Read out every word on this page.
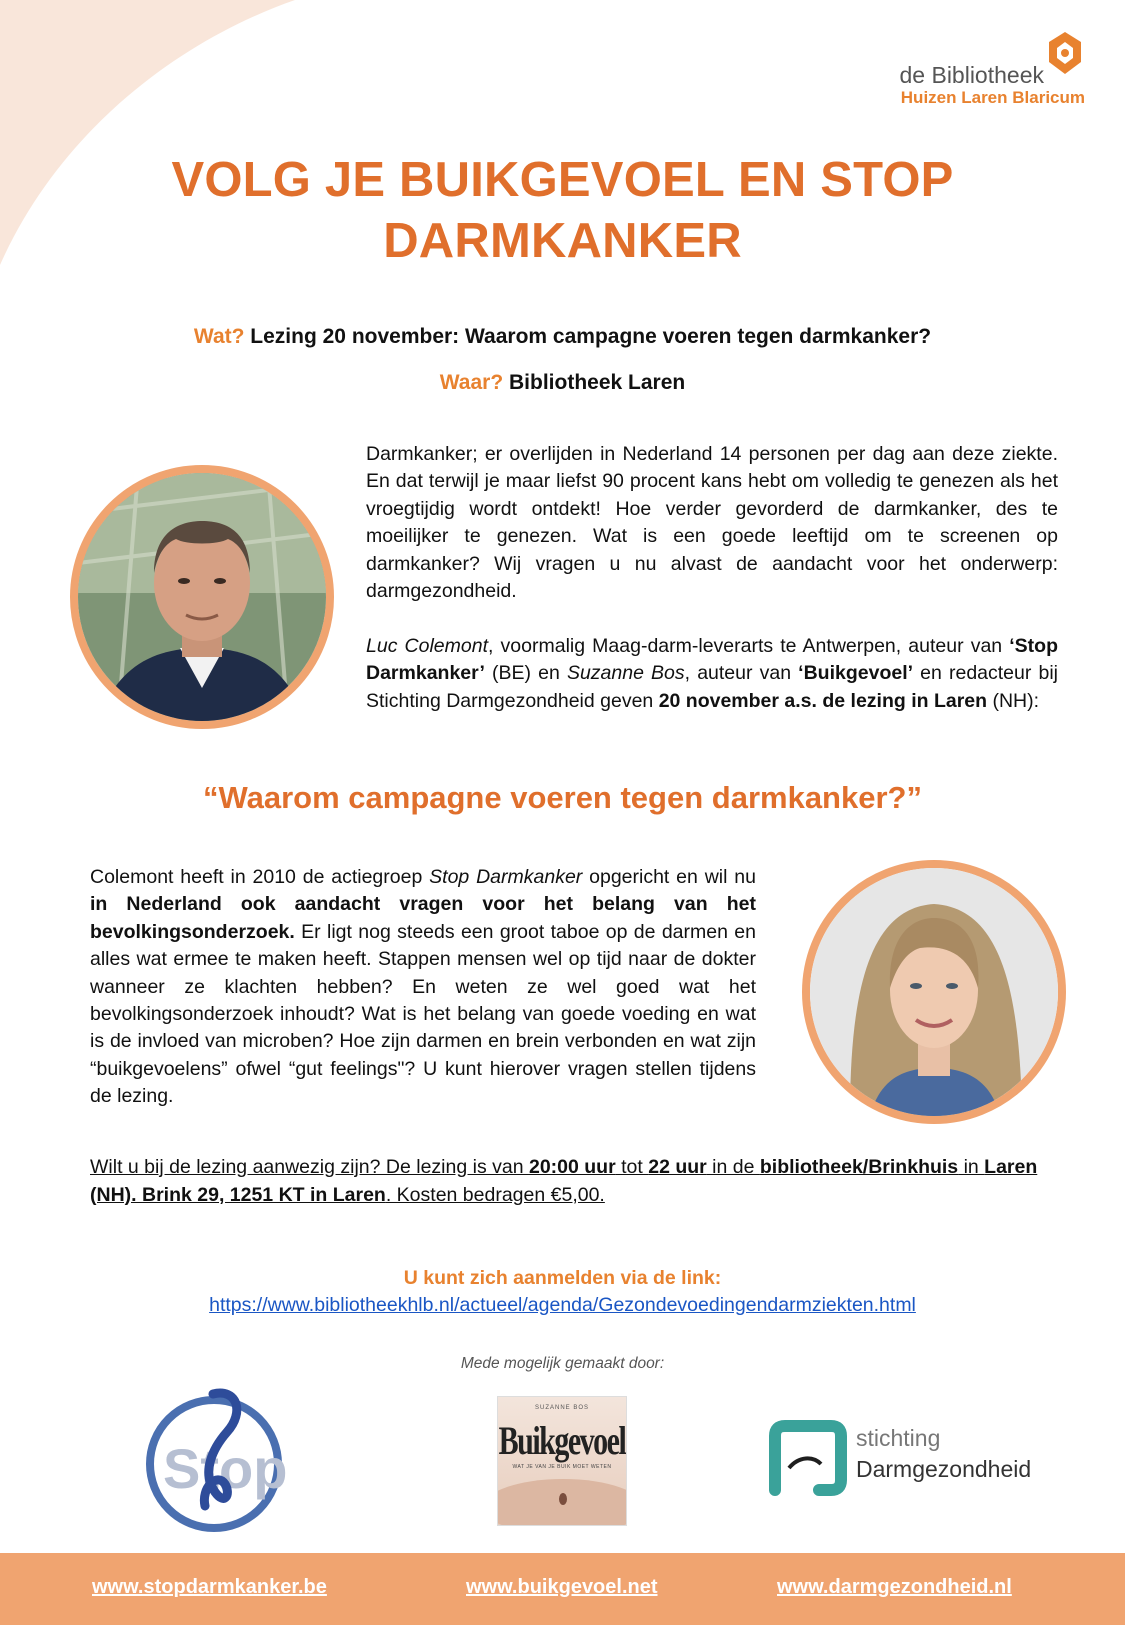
de Bibliotheek
Huizen Laren Blaricum
VOLG JE BUIKGEVOEL EN STOP DARMKANKER
Wat? Lezing 20 november: Waarom campagne voeren tegen darmkanker?
Waar? Bibliotheek Laren
Darmkanker; er overlijden in Nederland 14 personen per dag aan deze ziekte. En dat terwijl je maar liefst 90 procent kans hebt om volledig te genezen als het vroegtijdig wordt ontdekt! Hoe verder gevorderd de darmkanker, des te moeilijker te genezen. Wat is een goede leeftijd om te screenen op darmkanker? Wij vragen u nu alvast de aandacht voor het onderwerp: darmgezondheid.
Luc Colemont, voormalig Maag-darm-leverarts te Antwerpen, auteur van ‘Stop Darmkanker’ (BE) en Suzanne Bos, auteur van ‘Buikgevoel’ en redacteur bij Stichting Darmgezondheid geven 20 november a.s. de lezing in Laren (NH):
“Waarom campagne voeren tegen darmkanker?”
Colemont heeft in 2010 de actiegroep Stop Darmkanker opgericht en wil nu in Nederland ook aandacht vragen voor het belang van het bevolkingsonderzoek. Er ligt nog steeds een groot taboe op de darmen en alles wat ermee te maken heeft. Stappen mensen wel op tijd naar de dokter wanneer ze klachten hebben? En weten ze wel goed wat het bevolkingsonderzoek inhoudt? Wat is het belang van goede voeding en wat is de invloed van microben? Hoe zijn darmen en brein verbonden en wat zijn “buikgevoelens” ofwel “gut feelings"? U kunt hierover vragen stellen tijdens de lezing.
Wilt u bij de lezing aanwezig zijn? De lezing is van 20:00 uur tot 22 uur in de bibliotheek/Brinkhuis in Laren (NH). Brink 29, 1251 KT in Laren. Kosten bedragen €5,00.
U kunt zich aanmelden via de link:
https://www.bibliotheekhlb.nl/actueel/agenda/Gezondevoedingendarmziekten.html
Mede mogelijk gemaakt door:
Stop
SUZANNE BOS
Buikgevoel
WAT JE VAN JE BUIK MOET WETEN
stichting
Darmgezondheid
www.stopdarmkanker.be	www.buikgevoel.net	www.darmgezondheid.nl
